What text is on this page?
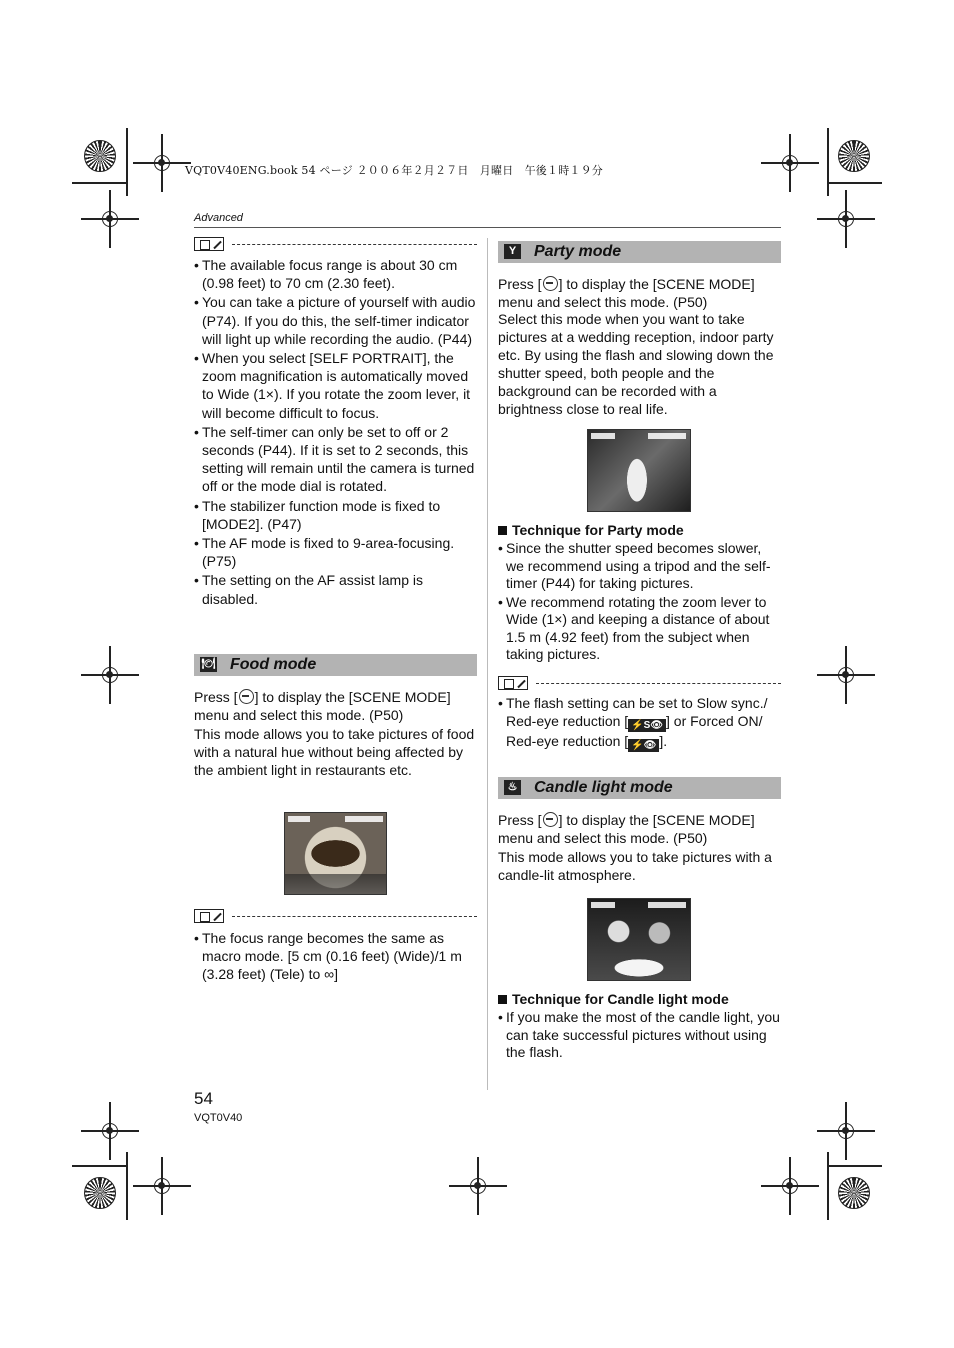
VQT0V40ENG.book 54 ページ ２００６年２月２７日　月曜日　午後１時１９分
Advanced
• The available focus range is about 30 cm (0.98 feet) to 70 cm (2.30 feet).
• You can take a picture of yourself with audio (P74). If you do this, the self-timer indicator will light up while recording the audio. (P44)
• When you select [SELF PORTRAIT], the zoom magnification is automatically moved to Wide (1×). If you rotate the zoom lever, it will become difficult to focus.
• The self-timer can only be set to off or 2 seconds (P44). If it is set to 2 seconds, this setting will remain until the camera is turned off or the mode dial is rotated.
• The stabilizer function mode is fixed to [MODE2]. (P47)
• The AF mode is fixed to 9-area-focusing. (P75)
• The setting on the AF assist lamp is disabled.
🍽 Food mode
Press [ ] to display the [SCENE MODE] menu and select this mode. (P50)
This mode allows you to take pictures of food with a natural hue without being affected by the ambient light in restaurants etc.
• The focus range becomes the same as macro mode. [5 cm (0.16 feet) (Wide)/1 m (3.28 feet) (Tele) to ∞]
Y	Party mode
Press [ ] to display the [SCENE MODE] menu and select this mode. (P50)
Select this mode when you want to take pictures at a wedding reception, indoor party etc. By using the flash and slowing down the shutter speed, both people and the background can be recorded with a brightness close to real life.
Technique for Party mode
• Since the shutter speed becomes slower, we recommend using a tripod and the self-timer (P44) for taking pictures.
• We recommend rotating the zoom lever to Wide (1×) and keeping a distance of about 1.5 m (4.92 feet) from the subject when taking pictures.
• The flash setting can be set to Slow sync./ Red-eye reduction [ ⚡S👁 ] or Forced ON/ Red-eye reduction [ ⚡👁 ].
♨ Candle light mode
Press [ ] to display the [SCENE MODE] menu and select this mode. (P50)
This mode allows you to take pictures with a candle-lit atmosphere.
Technique for Candle light mode
• If you make the most of the candle light, you can take successful pictures without using the flash.
54
VQT0V40
